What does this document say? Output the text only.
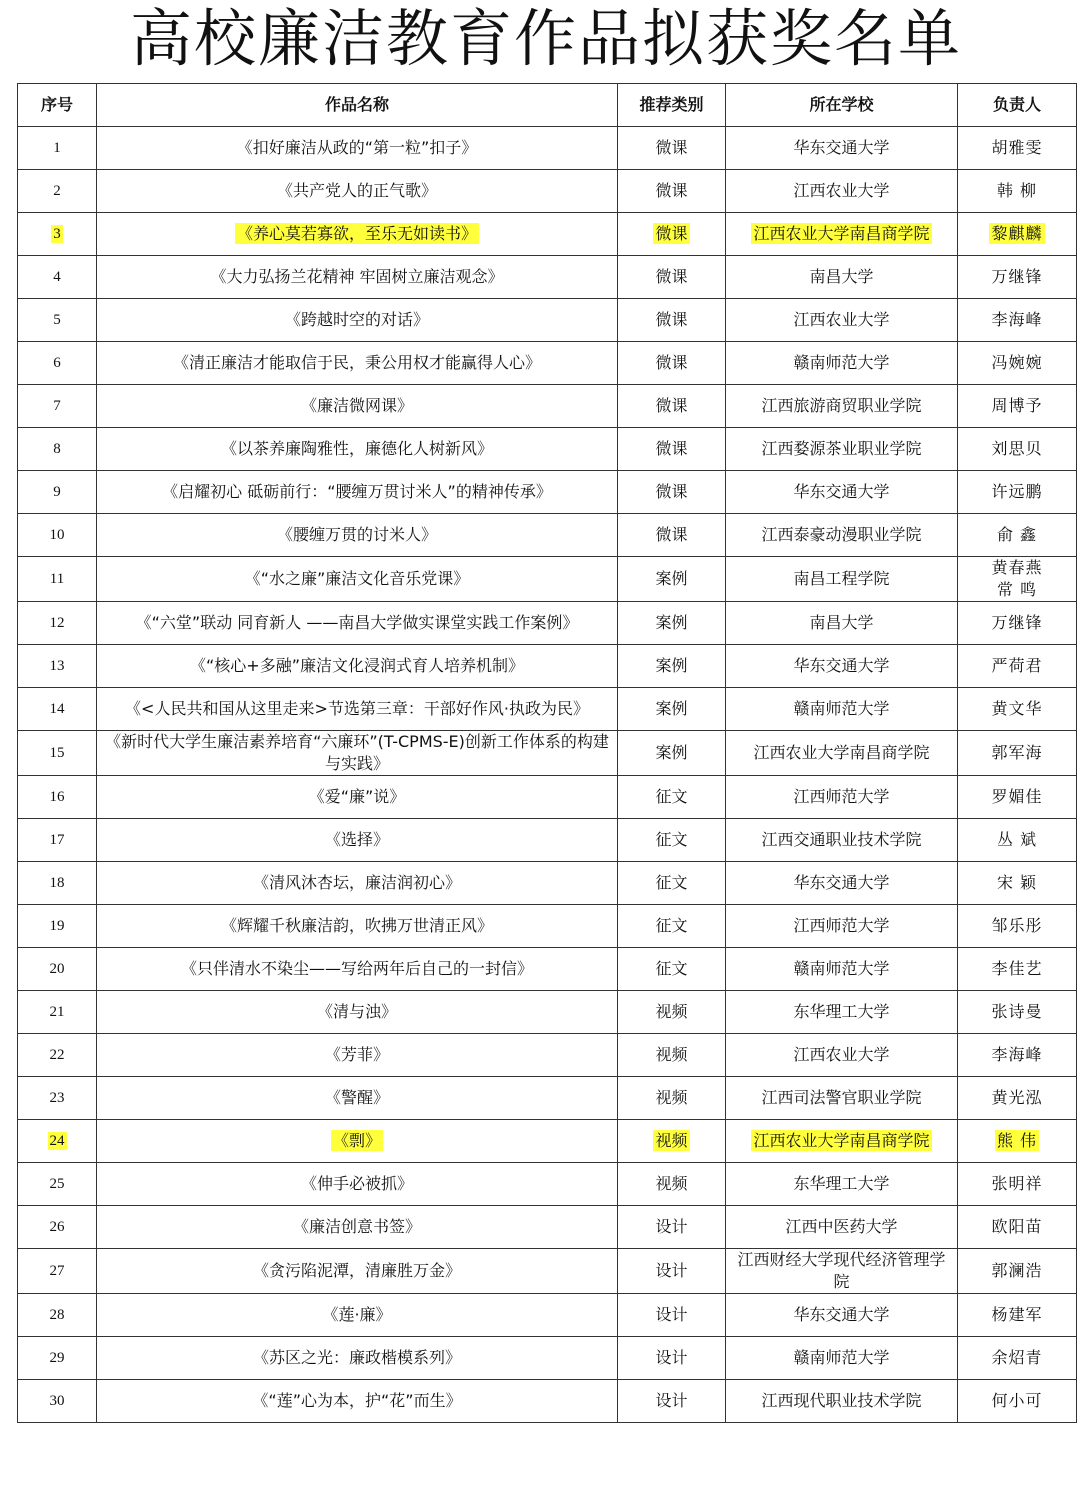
高校廉洁教育作品拟获奖名单
序号	作品名称	推荐类别	所在学校	负责人
1	《扣好廉洁从政的“第一粒”扣子》	微课	华东交通大学	胡雅雯
2	《共产党人的正气歌》	微课	江西农业大学	韩 柳
3	《养心莫若寡欲，至乐无如读书》	微课	江西农业大学南昌商学院	黎麒麟
4	《大力弘扬兰花精神 牢固树立廉洁观念》	微课	南昌大学	万继锋
5	《跨越时空的对话》	微课	江西农业大学	李海峰
6	《清正廉洁才能取信于民，秉公用权才能赢得人心》	微课	赣南师范大学	冯婉婉
7	《廉洁微网课》	微课	江西旅游商贸职业学院	周博予
8	《以茶养廉陶雅性，廉德化人树新风》	微课	江西婺源茶业职业学院	刘思贝
9	《启耀初心 砥砺前行：“腰缠万贯讨米人”的精神传承》	微课	华东交通大学	许远鹏
10	《腰缠万贯的讨米人》	微课	江西泰豪动漫职业学院	俞 鑫
11	《“水之廉”廉洁文化音乐党课》	案例	南昌工程学院	黄春燕
常 鸣
12	《“六堂”联动 同育新人 ——南昌大学做实课堂实践工作案例》	案例	南昌大学	万继锋
13	《“核心+多融”廉洁文化浸润式育人培养机制》	案例	华东交通大学	严荷君
14	《<人民共和国从这里走来>节选第三章：干部好作风·执政为民》	案例	赣南师范大学	黄文华
15	《新时代大学生廉洁素养培育“六廉环”(T-CPMS-E)创新工作体系的构建与实践》	案例	江西农业大学南昌商学院	郭军海
16	《爱“廉”说》	征文	江西师范大学	罗媚佳
17	《选择》	征文	江西交通职业技术学院	丛 斌
18	《清风沐杏坛，廉洁润初心》	征文	华东交通大学	宋 颖
19	《辉耀千秋廉洁韵，吹拂万世清正风》	征文	江西师范大学	邹乐彤
20	《只伴清水不染尘——写给两年后自己的一封信》	征文	赣南师范大学	李佳艺
21	《清与浊》	视频	东华理工大学	张诗曼
22	《芳菲》	视频	江西农业大学	李海峰
23	《警醒》	视频	江西司法警官职业学院	黄光泓
24	《剽》	视频	江西农业大学南昌商学院	熊 伟
25	《伸手必被抓》	视频	东华理工大学	张明祥
26	《廉洁创意书签》	设计	江西中医药大学	欧阳苗
27	《贪污陷泥潭，清廉胜万金》	设计	江西财经大学现代经济管理学院	郭澜浩
28	《莲·廉》	设计	华东交通大学	杨建军
29	《苏区之光：廉政楷模系列》	设计	赣南师范大学	余炤青
30	《“莲”心为本，护“花”而生》	设计	江西现代职业技术学院	何小可
